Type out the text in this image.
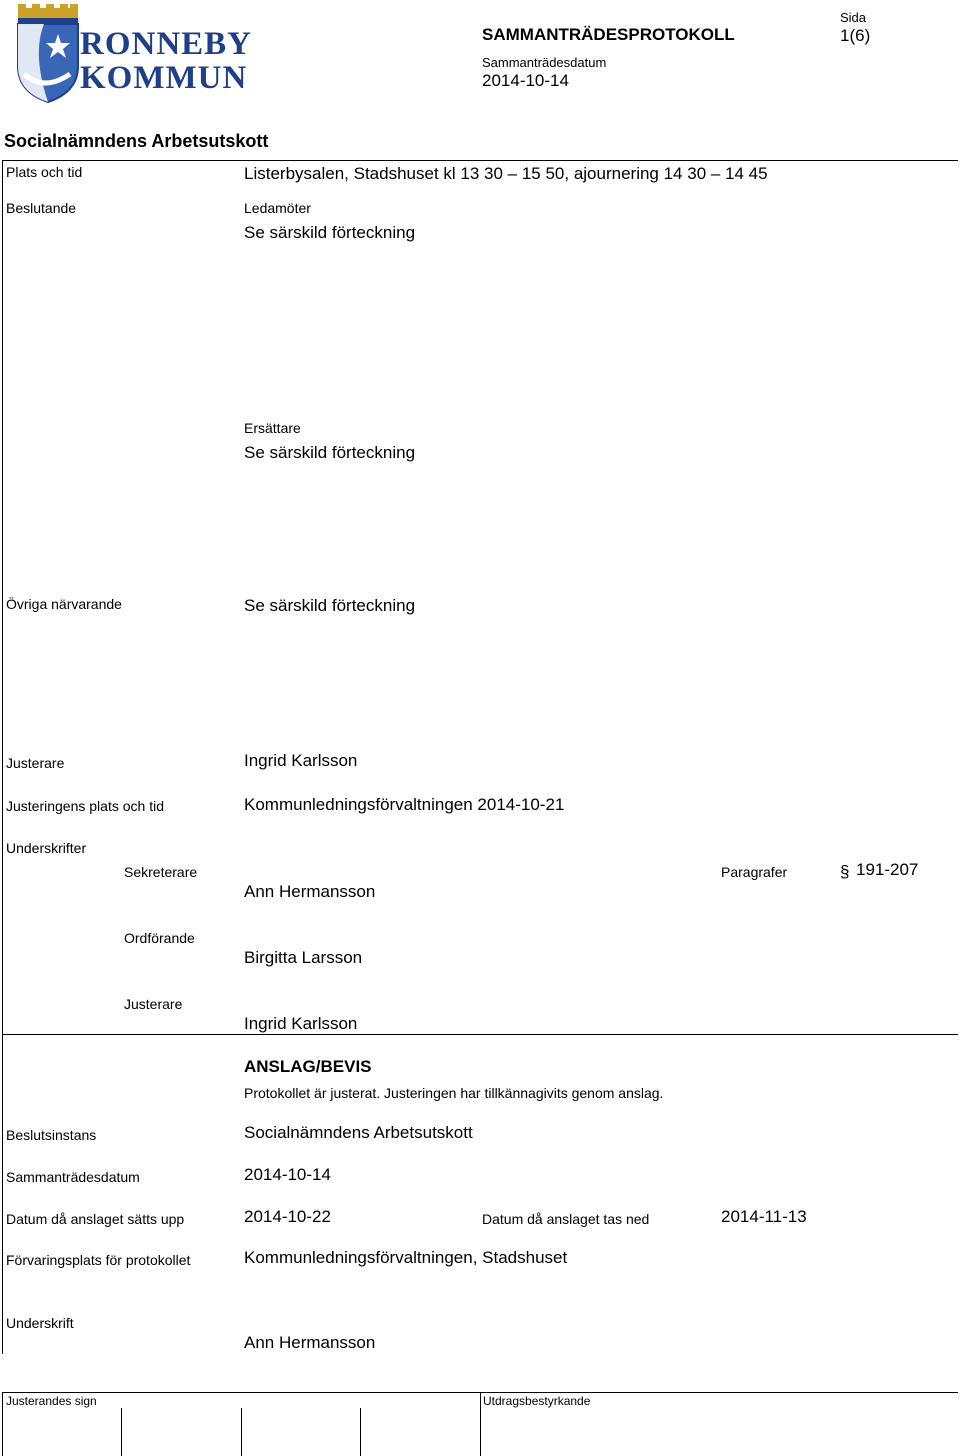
RONNEBY
KOMMUN
SAMMANTRÄDESPROTOKOLL
Sammanträdesdatum
2014-10-14
Sida
1(6)
Socialnämndens Arbetsutskott
Plats och tid	Listerbysalen, Stadshuset kl 13 30 – 15 50, ajournering 14 30 – 14 45
Beslutande	Ledamöter
Se särskild förteckning
Ersättare
Se särskild förteckning
Övriga närvarande	Se särskild förteckning
Justerare	Ingrid Karlsson
Justeringens plats och tid	Kommunledningsförvaltningen 2014-10-21
Underskrifter
Sekreterare
Ann Hermansson
Paragrafer	§ 191-207
Ordförande
Birgitta Larsson
Justerare
Ingrid Karlsson
ANSLAG/BEVIS
Protokollet är justerat. Justeringen har tillkännagivits genom anslag.
Beslutsinstans	Socialnämndens Arbetsutskott
Sammanträdesdatum	2014-10-14
Datum då anslaget sätts upp	2014-10-22	Datum då anslaget tas ned	2014-11-13
Förvaringsplats för protokollet	Kommunledningsförvaltningen, Stadshuset
Underskrift
Ann Hermansson
Justerandes sign	Utdragsbestyrkande
